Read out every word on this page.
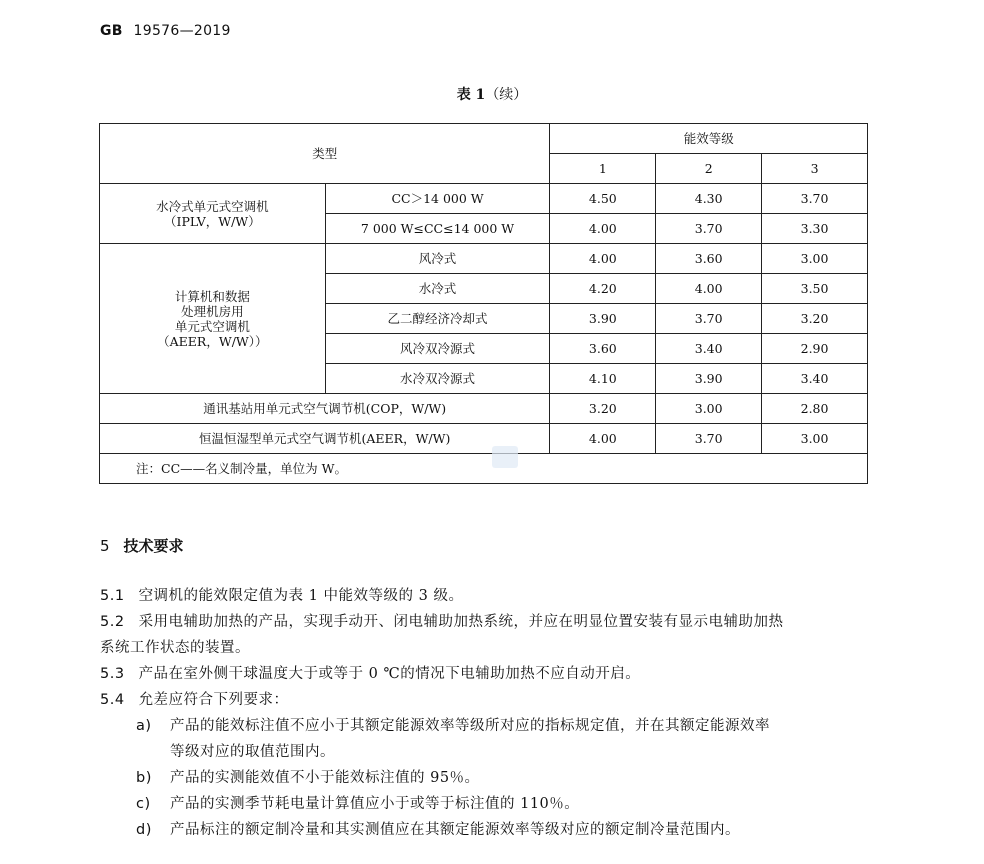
GB 19576—2019
表 1（续）
类型		能效等级		
		1	2	3

水冷式单元式空调机
（IPLV，W/W）	CC＞14 000 W	4.50	4.30	3.70
	7 000 W≤CC≤14 000 W	4.00	3.70	3.30

计算机和数据
处理机房用
单元式空调机
（AEER，W/W））	风冷式	4.00	3.60	3.00
	水冷式	4.20	4.00	3.50
	乙二醇经济冷却式	3.90	3.70	3.20
	风冷双冷源式	3.60	3.40	2.90
	水冷双冷源式	4.10	3.90	3.40
通讯基站用单元式空气调节机(COP，W/W)		3.20	3.00	2.80
恒温恒湿型单元式空气调节机(AEER，W/W)		4.00	3.70	3.00
注：CC——名义制冷量，单位为 W。				
5 技术要求
5.1 空调机的能效限定值为表 1 中能效等级的 3 级。
5.2 采用电辅助加热的产品，实现手动开、闭电辅助加热系统，并应在明显位置安装有显示电辅助加热
系统工作状态的装置。
5.3 产品在室外侧干球温度大于或等于 0 ℃的情况下电辅助加热不应自动开启。
5.4 允差应符合下列要求：
a) 产品的能效标注值不应小于其额定能源效率等级所对应的指标规定值，并在其额定能源效率
等级对应的取值范围内。
b) 产品的实测能效值不小于能效标注值的 95％。
c) 产品的实测季节耗电量计算值应小于或等于标注值的 110％。
d) 产品标注的额定制冷量和其实测值应在其额定能源效率等级对应的额定制冷量范围内。
